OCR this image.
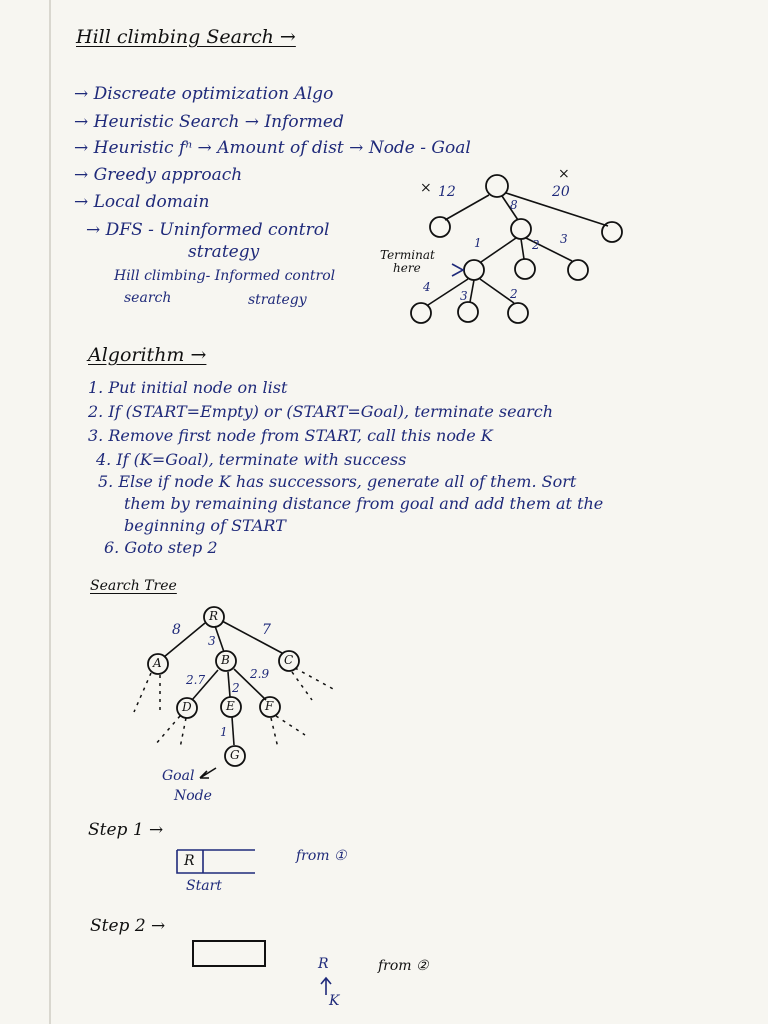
Hill climbing Search →
→ Discreate optimization Algo
→ Heuristic Search → Informed
→ Heuristic fⁿ → Amount of dist → Node - Goal
→ Greedy approach
→ Local domain
→ DFS - Uninformed control
strategy
Hill climbing- Informed control
search	strategy
× 12
×
20
8
3
2
1
4
3	2
Terminat
here
Algorithm →
1. Put initial node on list
2. If (START=Empty) or (START=Goal), terminate search
3. Remove first node from START, call this node K
4. If (K=Goal), terminate with success
5. Else if node K has successors, generate all of them. Sort
them by remaining distance from goal and add them at the
beginning of START
6. Goto step 2
Search Tree
R
A	B	C
D	E	F
G
8
3
7
2.7
2
2.9
1
Goal
Node
Step 1 →
R
Start
from ①
Step 2 →
R
K
from ②
